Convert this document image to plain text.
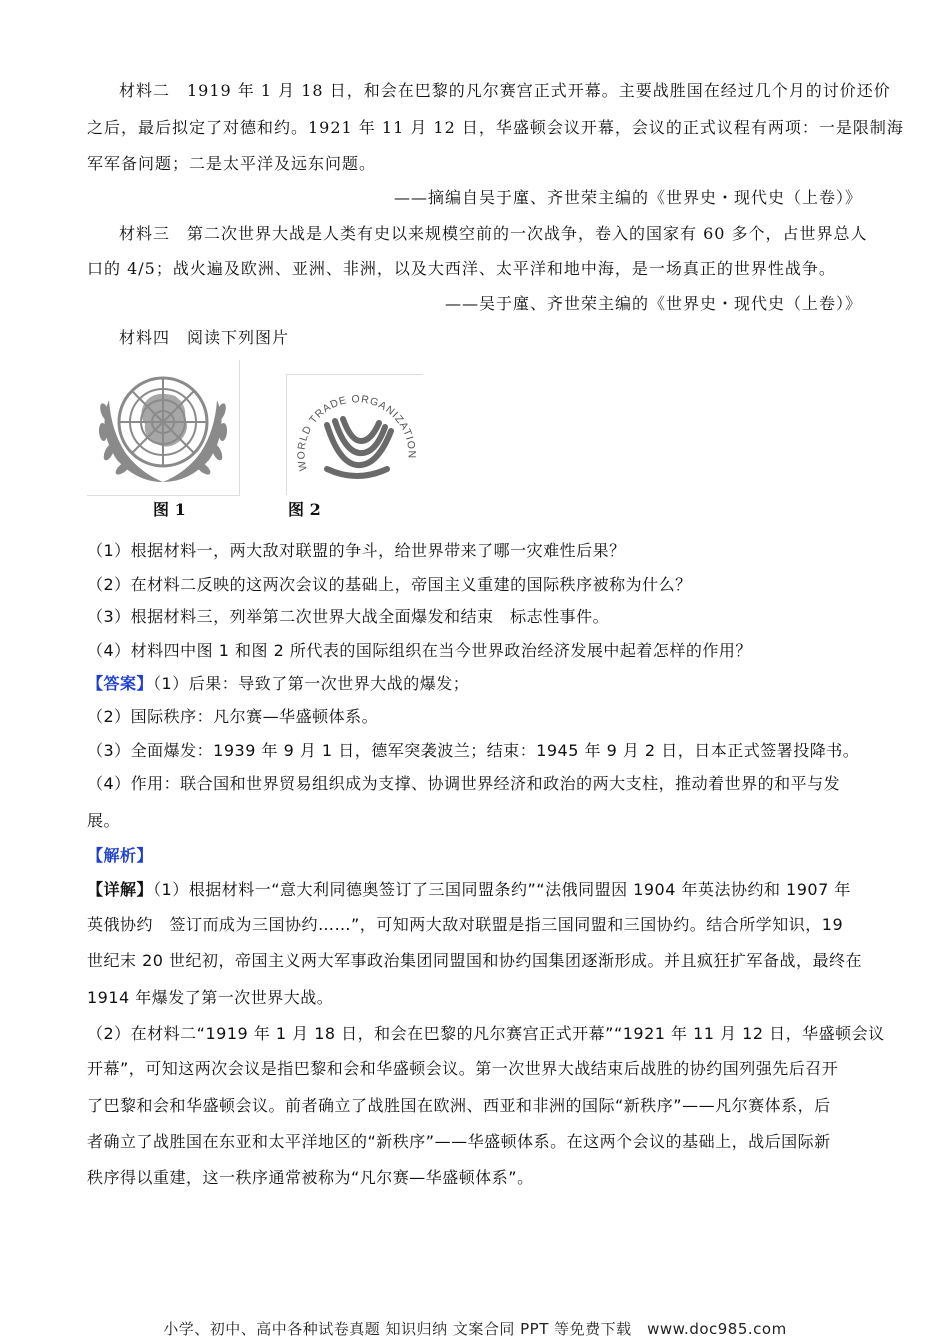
材料二　1919 年 1 月 18 日，和会在巴黎的凡尔赛宫正式开幕。主要战胜国在经过几个月的讨价还价
之后，最后拟定了对德和约。1921 年 11 月 12 日，华盛顿会议开幕，会议的正式议程有两项：一是限制海
军军备问题；二是太平洋及远东问题。
——摘编自吴于廑、齐世荣主编的《世界史・现代史（上卷）》
材料三　第二次世界大战是人类有史以来规模空前的一次战争，卷入的国家有 60 多个，占世界总人
口的 4/5；战火遍及欧洲、亚洲、非洲，以及大西洋、太平洋和地中海，是一场真正的世界性战争。
——吴于廑、齐世荣主编的《世界史・现代史（上卷）》
材料四　阅读下列图片
图 1
WORLD TRADE ORGANIZATION
图 2
（1）根据材料一，两大敌对联盟的争斗，给世界带来了哪一灾难性后果？
（2）在材料二反映的这两次会议的基础上，帝国主义重建的国际秩序被称为什么？
（3）根据材料三，列举第二次世界大战全面爆发和结束　标志性事件。
（4）材料四中图 1 和图 2 所代表的国际组织在当今世界政治经济发展中起着怎样的作用？
【答案】（1）后果：导致了第一次世界大战的爆发；
（2）国际秩序：凡尔赛—华盛顿体系。
（3）全面爆发：1939 年 9 月 1 日，德军突袭波兰；结束：1945 年 9 月 2 日，日本正式签署投降书。
（4）作用：联合国和世界贸易组织成为支撑、协调世界经济和政治的两大支柱，推动着世界的和平与发
展。
【解析】
【详解】（1）根据材料一“意大利同德奥签订了三国同盟条约”“法俄同盟因 1904 年英法协约和 1907 年
英俄协约　签订而成为三国协约……”，可知两大敌对联盟是指三国同盟和三国协约。结合所学知识，19
世纪末 20 世纪初，帝国主义两大军事政治集团同盟国和协约国集团逐渐形成。并且疯狂扩军备战，最终在
1914 年爆发了第一次世界大战。
（2）在材料二“1919 年 1 月 18 日，和会在巴黎的凡尔赛宫正式开幕”“1921 年 11 月 12 日，华盛顿会议
开幕”，可知这两次会议是指巴黎和会和华盛顿会议。第一次世界大战结束后战胜的协约国列强先后召开
了巴黎和会和华盛顿会议。前者确立了战胜国在欧洲、西亚和非洲的国际“新秩序”——凡尔赛体系，后
者确立了战胜国在东亚和太平洋地区的“新秩序”——华盛顿体系。在这两个会议的基础上，战后国际新
秩序得以重建，这一秩序通常被称为“凡尔赛—华盛顿体系”。
小学、初中、高中各种试卷真题 知识归纳 文案合同 PPT 等免费下载　www.doc985.com
